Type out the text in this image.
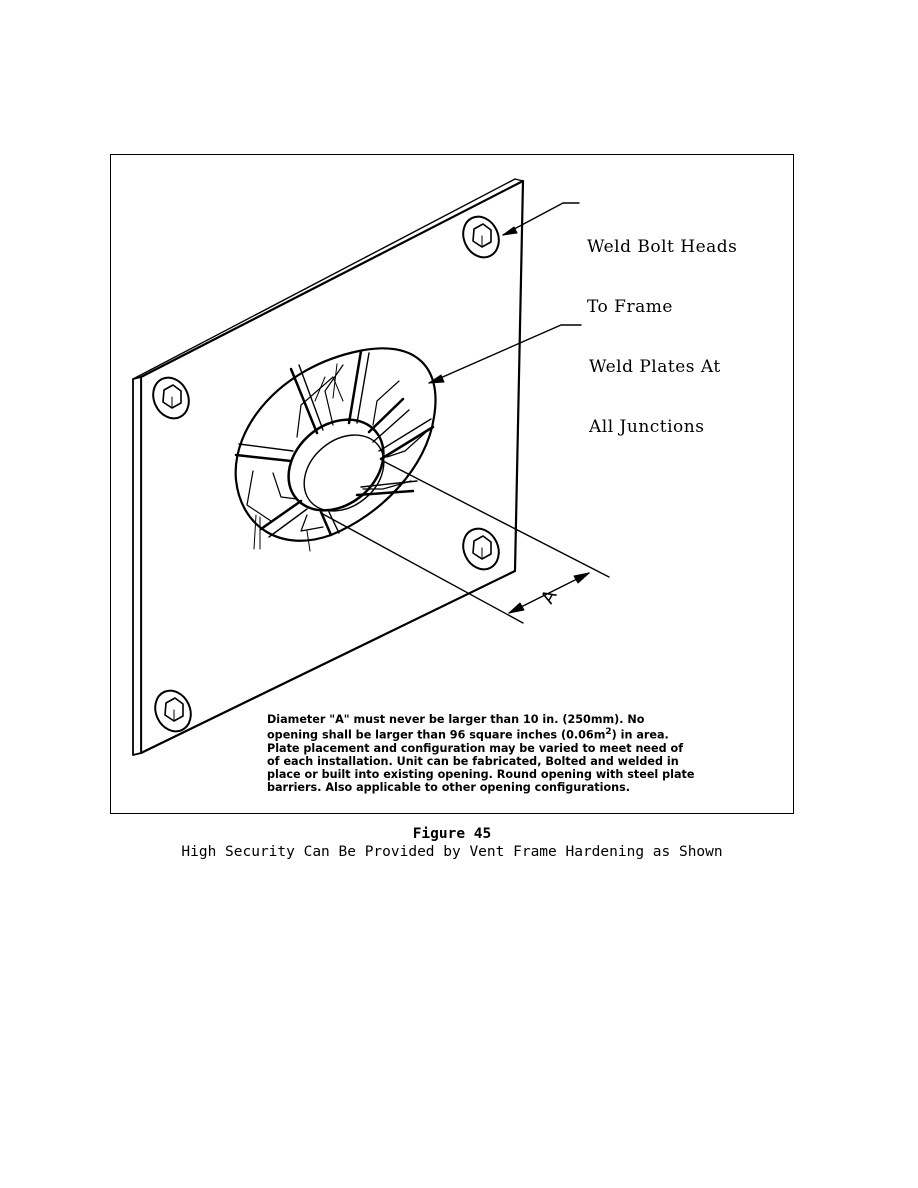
A

Weld Bolt Heads

To Frame

Weld Plates At

All Junctions

Diameter "A" must never be larger than 10 in. (250mm). No
opening shall be larger than 96 square inches $(0.06m^2)$ in area.
Plate placement and configuration may be varied to meet need of
of each installation. Unit can be fabricated, Bolted and welded in
place or built into existing opening. Round opening with steel plate
barriers. Also applicable to other opening configurations.
Figure 45
High Security Can Be Provided by Vent Frame Hardening as Shown
